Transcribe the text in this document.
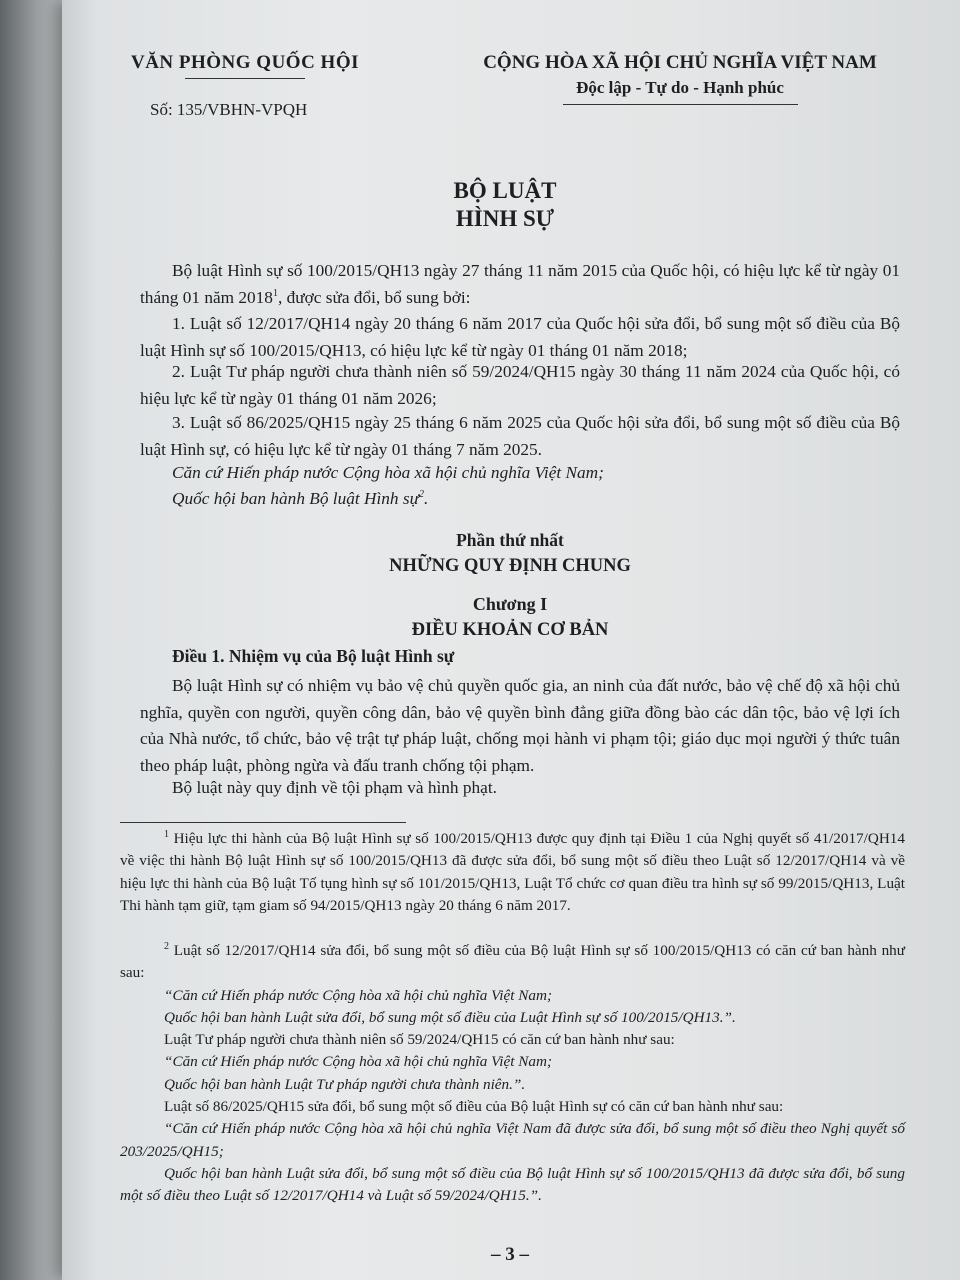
VĂN PHÒNG QUỐC HỘI
Số: 135/VBHN-VPQH
CỘNG HÒA XÃ HỘI CHỦ NGHĨA VIỆT NAM
Độc lập - Tự do - Hạnh phúc
BỘ LUẬT
HÌNH SỰ
Bộ luật Hình sự số 100/2015/QH13 ngày 27 tháng 11 năm 2015 của Quốc hội, có hiệu lực kể từ ngày 01 tháng 01 năm 2018$^1$, được sửa đổi, bổ sung bởi:
1. Luật số 12/2017/QH14 ngày 20 tháng 6 năm 2017 của Quốc hội sửa đổi, bổ sung một số điều của Bộ luật Hình sự số 100/2015/QH13, có hiệu lực kể từ ngày 01 tháng 01 năm 2018;
2. Luật Tư pháp người chưa thành niên số 59/2024/QH15 ngày 30 tháng 11 năm 2024 của Quốc hội, có hiệu lực kể từ ngày 01 tháng 01 năm 2026;
3. Luật số 86/2025/QH15 ngày 25 tháng 6 năm 2025 của Quốc hội sửa đổi, bổ sung một số điều của Bộ luật Hình sự, có hiệu lực kể từ ngày 01 tháng 7 năm 2025.
Căn cứ Hiến pháp nước Cộng hòa xã hội chủ nghĩa Việt Nam;
Quốc hội ban hành Bộ luật Hình sự$^2$.
Phần thứ nhất
NHỮNG QUY ĐỊNH CHUNG
Chương I
ĐIỀU KHOẢN CƠ BẢN
Điều 1. Nhiệm vụ của Bộ luật Hình sự
Bộ luật Hình sự có nhiệm vụ bảo vệ chủ quyền quốc gia, an ninh của đất nước, bảo vệ chế độ xã hội chủ nghĩa, quyền con người, quyền công dân, bảo vệ quyền bình đẳng giữa đồng bào các dân tộc, bảo vệ lợi ích của Nhà nước, tổ chức, bảo vệ trật tự pháp luật, chống mọi hành vi phạm tội; giáo dục mọi người ý thức tuân theo pháp luật, phòng ngừa và đấu tranh chống tội phạm.
Bộ luật này quy định về tội phạm và hình phạt.

$^1$ Hiệu lực thi hành của Bộ luật Hình sự số 100/2015/QH13 được quy định tại Điều 1 của Nghị quyết số 41/2017/QH14 về việc thi hành Bộ luật Hình sự số 100/2015/QH13 đã được sửa đổi, bổ sung một số điều theo Luật số 12/2017/QH14 và về hiệu lực thi hành của Bộ luật Tố tụng hình sự số 101/2015/QH13, Luật Tổ chức cơ quan điều tra hình sự số 99/2015/QH13, Luật Thi hành tạm giữ, tạm giam số 94/2015/QH13 ngày 20 tháng 6 năm 2017.

$^2$ Luật số 12/2017/QH14 sửa đổi, bổ sung một số điều của Bộ luật Hình sự số 100/2015/QH13 có căn cứ ban hành như sau:

“Căn cứ Hiến pháp nước Cộng hòa xã hội chủ nghĩa Việt Nam;

Quốc hội ban hành Luật sửa đổi, bổ sung một số điều của Luật Hình sự số 100/2015/QH13.”.

Luật Tư pháp người chưa thành niên số 59/2024/QH15 có căn cứ ban hành như sau:

“Căn cứ Hiến pháp nước Cộng hòa xã hội chủ nghĩa Việt Nam;

Quốc hội ban hành Luật Tư pháp người chưa thành niên.”.

Luật số 86/2025/QH15 sửa đổi, bổ sung một số điều của Bộ luật Hình sự có căn cứ ban hành như sau:

“Căn cứ Hiến pháp nước Cộng hòa xã hội chủ nghĩa Việt Nam đã được sửa đổi, bổ sung một số điều theo Nghị quyết số 203/2025/QH15;

Quốc hội ban hành Luật sửa đổi, bổ sung một số điều của Bộ luật Hình sự số 100/2015/QH13 đã được sửa đổi, bổ sung một số điều theo Luật số 12/2017/QH14 và Luật số 59/2024/QH15.”.

– 3 –
